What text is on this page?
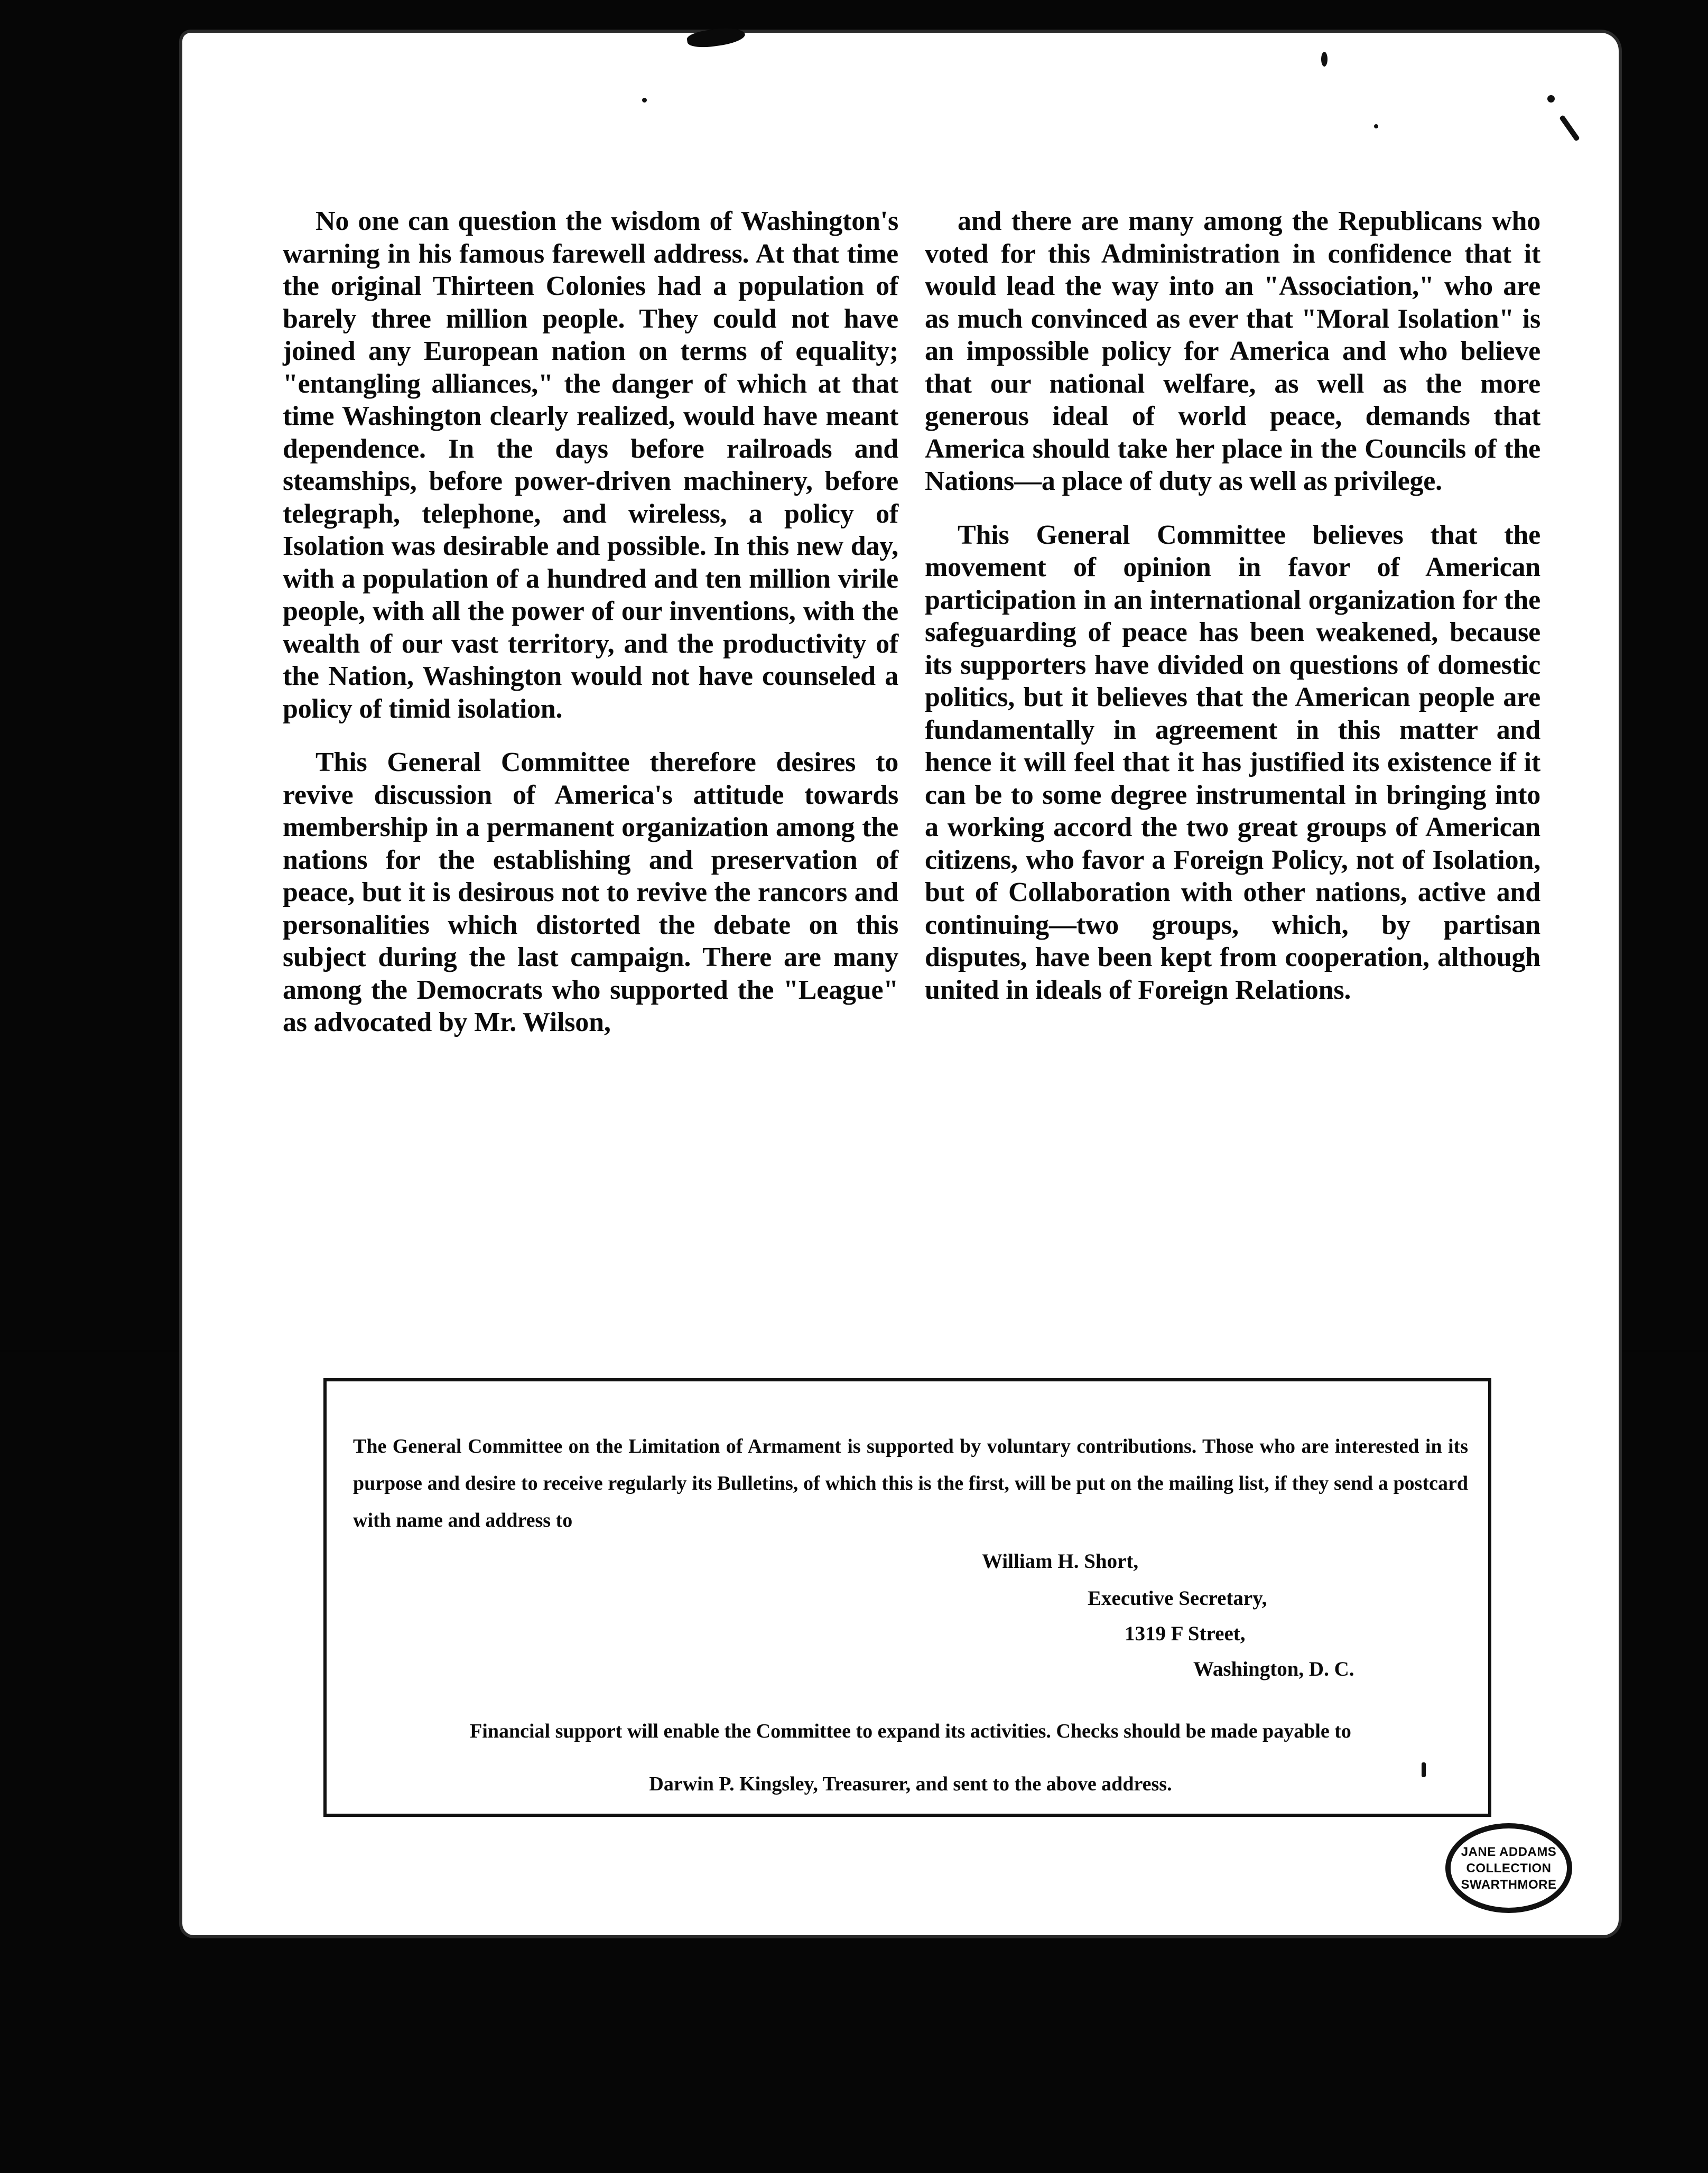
No one can question the wisdom of Washington's warning in his famous farewell address. At that time the original Thirteen Colonies had a population of barely three million people. They could not have joined any European nation on terms of equality; "entangling alliances," the danger of which at that time Washington clearly realized, would have meant dependence. In the days before railroads and steamships, before power-driven machinery, before telegraph, telephone, and wireless, a policy of Isolation was desirable and possible. In this new day, with a population of a hundred and ten million virile people, with all the power of our inventions, with the wealth of our vast territory, and the productivity of the Nation, Washington would not have counseled a policy of timid isolation.

This General Committee therefore desires to revive discussion of America's attitude towards membership in a permanent organization among the nations for the establishing and preservation of peace, but it is desirous not to revive the rancors and personalities which distorted the debate on this subject during the last campaign. There are many among the Democrats who supported the "League" as advocated by Mr. Wilson,

and there are many among the Republicans who voted for this Administration in confidence that it would lead the way into an "Association," who are as much convinced as ever that "Moral Isolation" is an impossible policy for America and who believe that our national welfare, as well as the more generous ideal of world peace, demands that America should take her place in the Councils of the Nations—a place of duty as well as privilege.

This General Committee believes that the movement of opinion in favor of American participation in an international organization for the safeguarding of peace has been weakened, because its supporters have divided on questions of domestic politics, but it believes that the American people are fundamentally in agreement in this matter and hence it will feel that it has justified its existence if it can be to some degree instrumental in bringing into a working accord the two great groups of American citizens, who favor a Foreign Policy, not of Isolation, but of Collaboration with other nations, active and continuing—two groups, which, by partisan disputes, have been kept from cooperation, although united in ideals of Foreign Relations.

The General Committee on the Limitation of Armament is supported by voluntary contributions. Those who are interested in its purpose and desire to receive regularly its Bulletins, of which this is the first, will be put on the mailing list, if they send a postcard with name and address to

William H. Short,

Executive Secretary,

1319 F Street,

Washington, D. C.

Financial support will enable the Committee to expand its activities. Checks should be made payable to
Darwin P. Kingsley, Treasurer, and sent to the above address.

JANE ADDAMS
COLLECTION
SWARTHMORE
